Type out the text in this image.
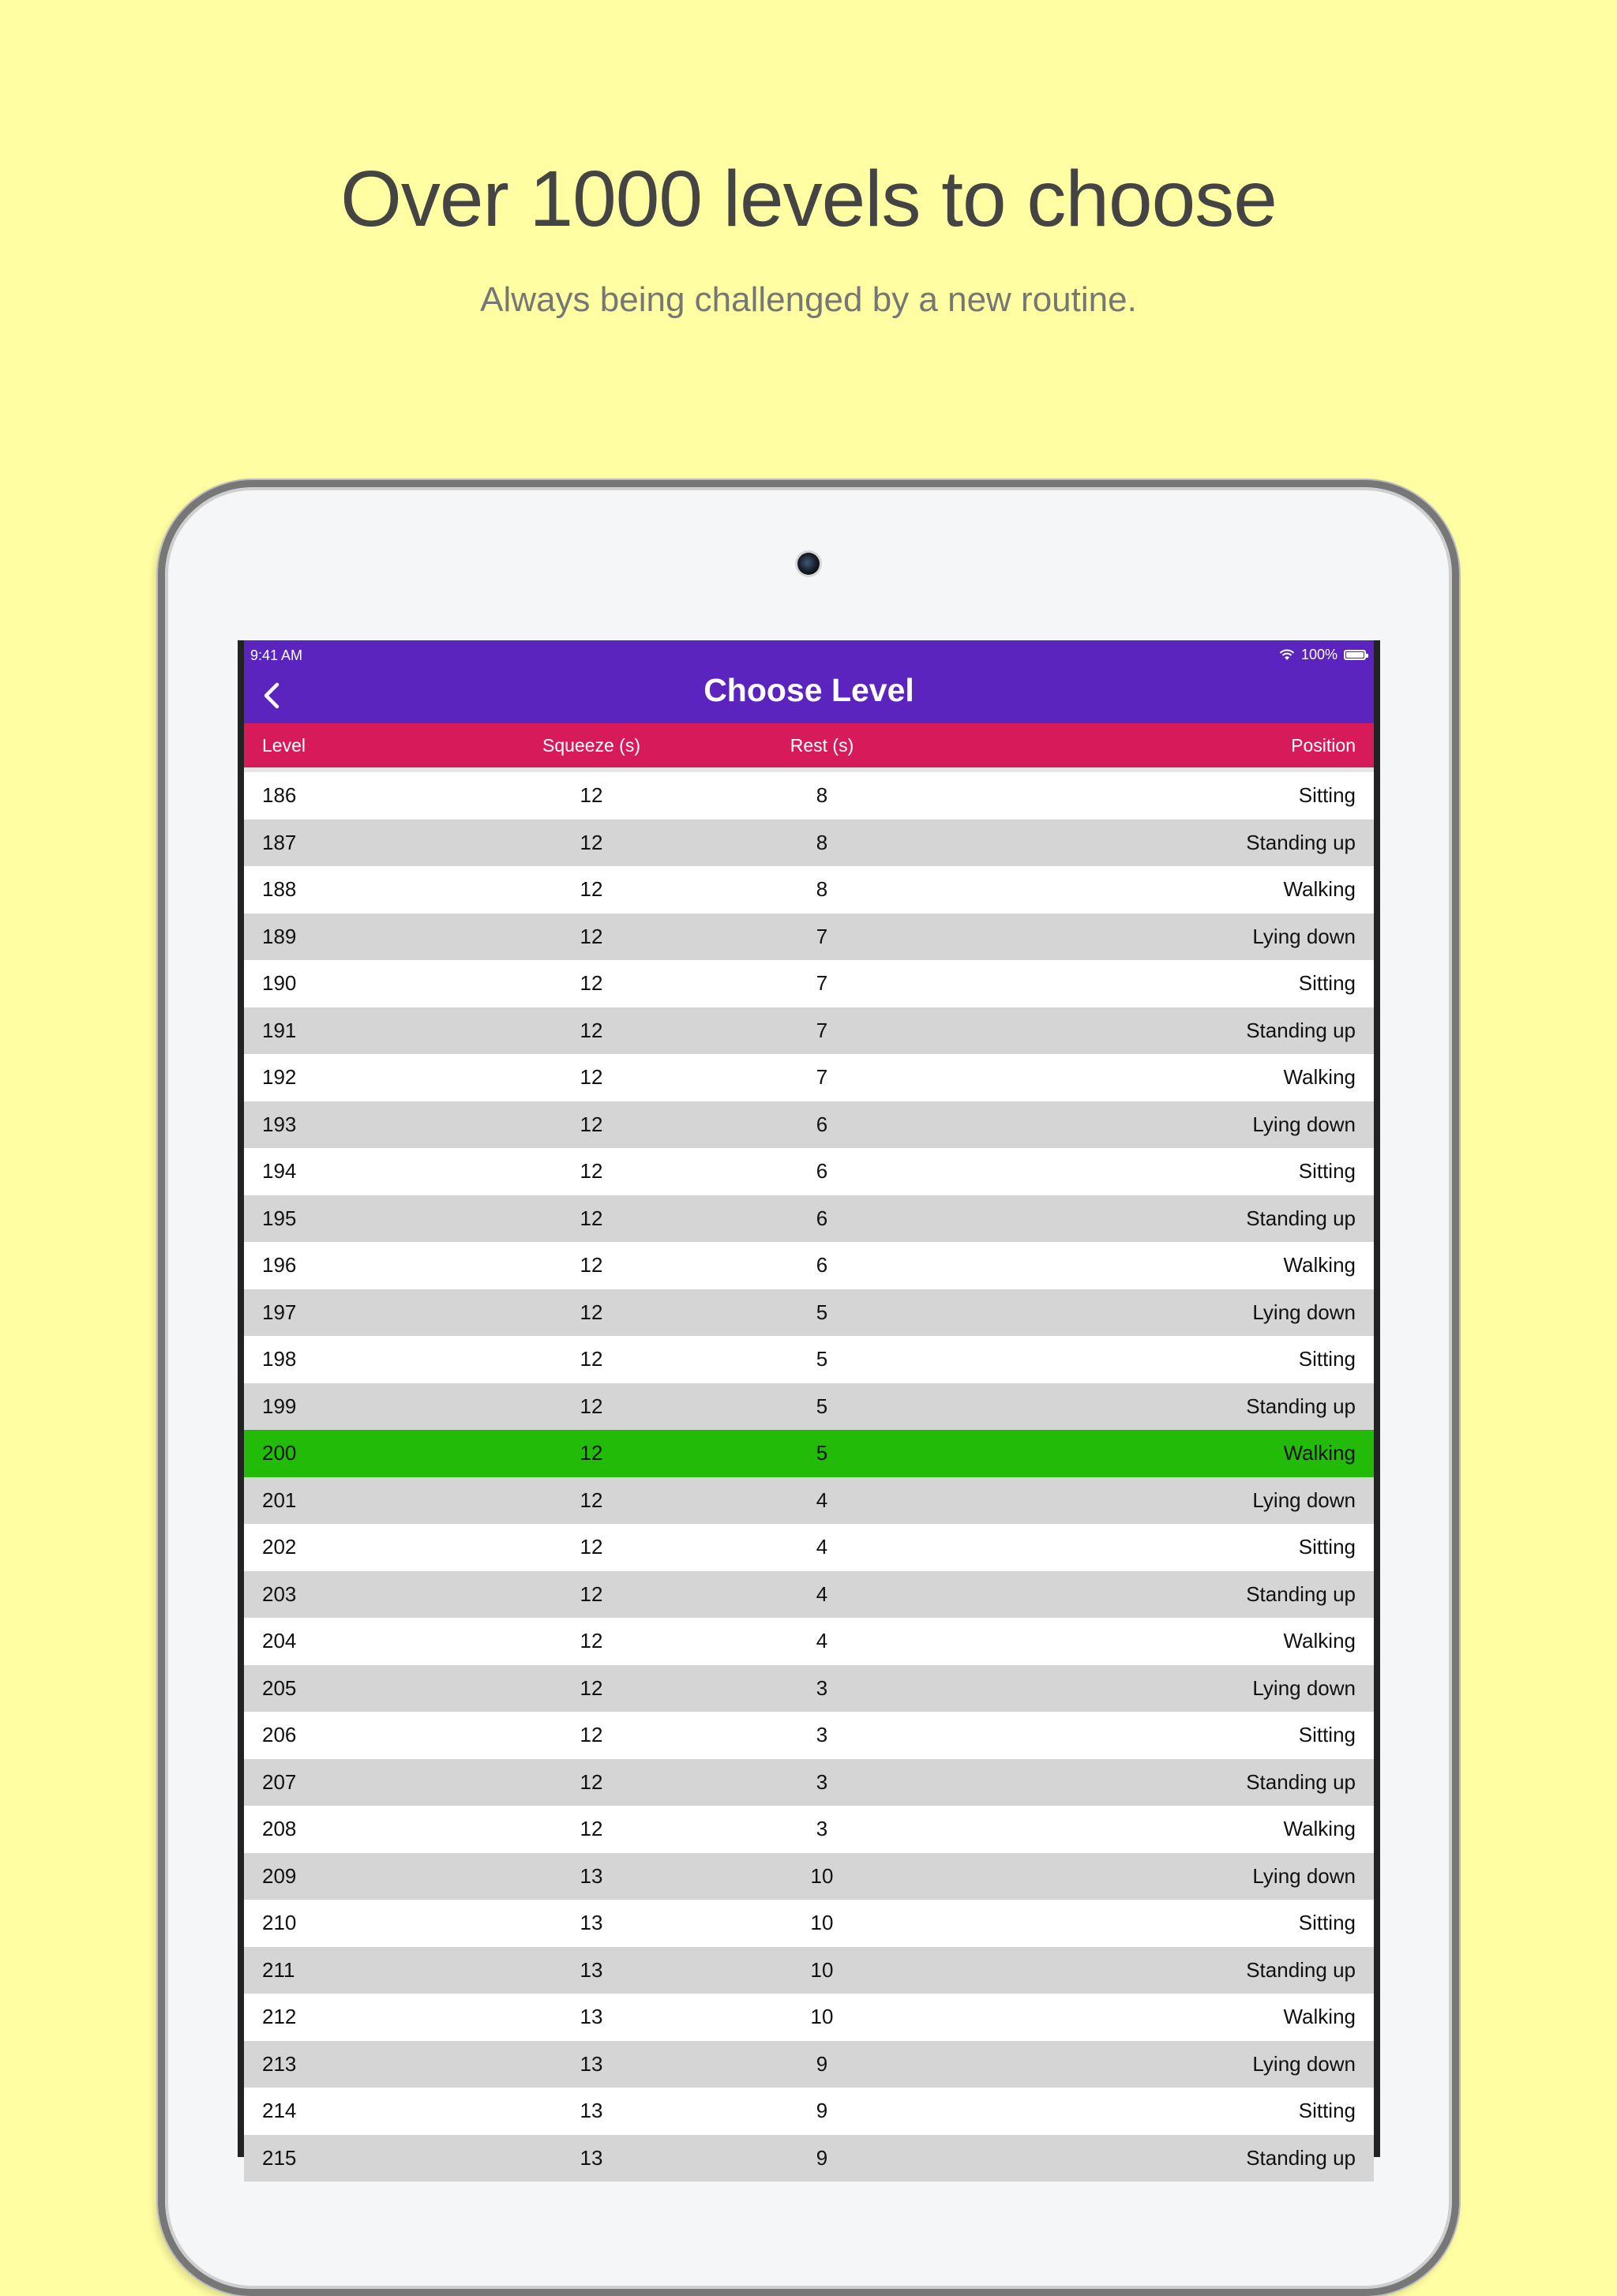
Over 1000 levels to choose

Always being challenged by a new routine.

9:41 AM	100%
Choose Level
Level	Squeeze (s)	Rest (s)	Position
186	12	8	Sitting
187	12	8	Standing up
188	12	8	Walking
189	12	7	Lying down
190	12	7	Sitting
191	12	7	Standing up
192	12	7	Walking
193	12	6	Lying down
194	12	6	Sitting
195	12	6	Standing up
196	12	6	Walking
197	12	5	Lying down
198	12	5	Sitting
199	12	5	Standing up
200	12	5	Walking
201	12	4	Lying down
202	12	4	Sitting
203	12	4	Standing up
204	12	4	Walking
205	12	3	Lying down
206	12	3	Sitting
207	12	3	Standing up
208	12	3	Walking
209	13	10	Lying down
210	13	10	Sitting
211	13	10	Standing up
212	13	10	Walking
213	13	9	Lying down
214	13	9	Sitting
215	13	9	Standing up
